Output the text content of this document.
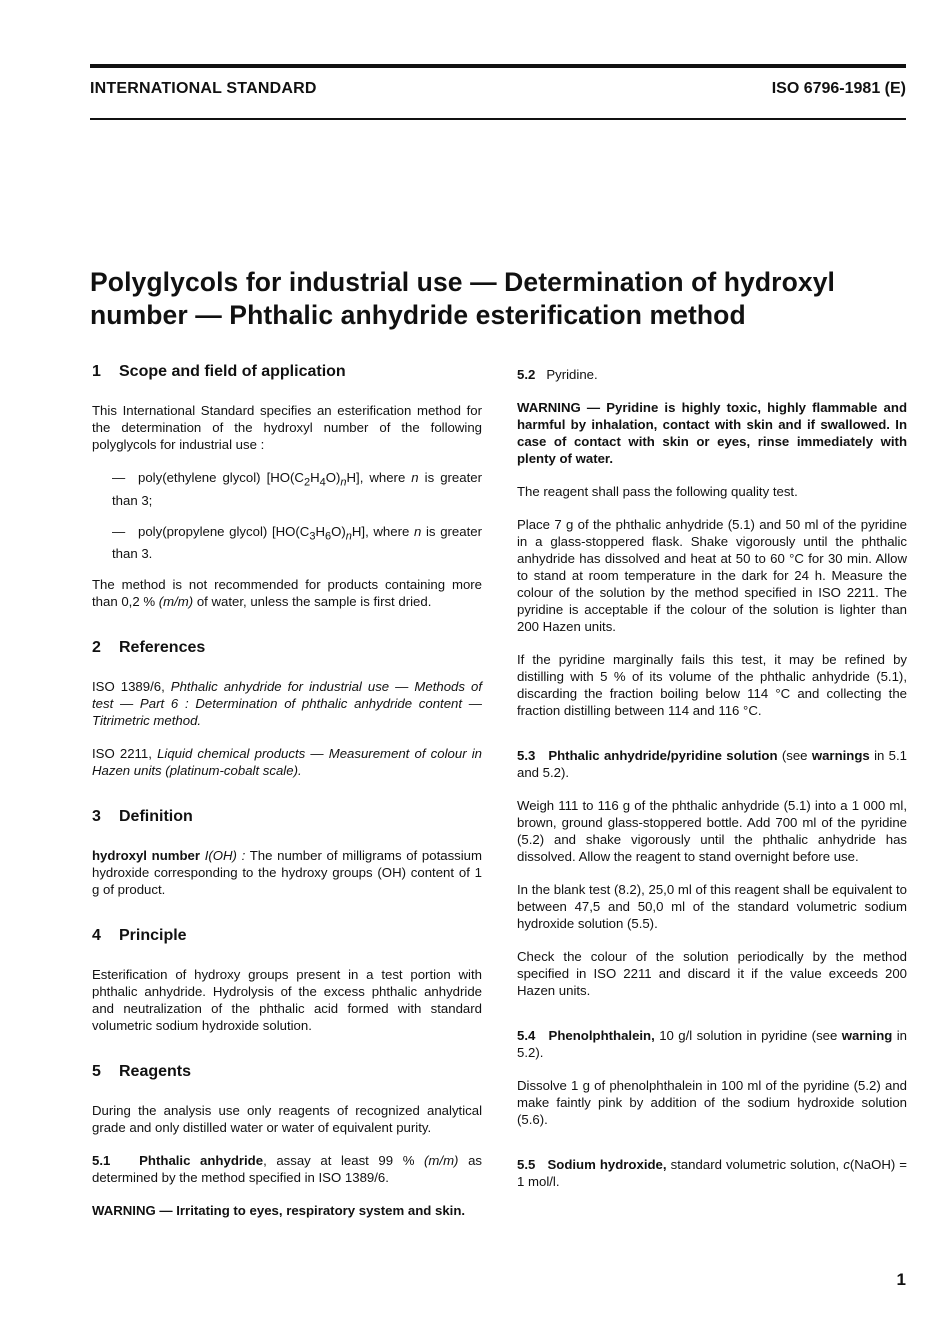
INTERNATIONAL STANDARD	ISO 6796-1981 (E)
Polyglycols for industrial use — Determination of hydroxyl
number — Phthalic anhydride esterification method
1 Scope and field of application

This International Standard specifies an esterification method for the determination of the hydroxyl number of the following polyglycols for industrial use :

— poly(ethylene glycol) $[HO(C_2H_4O)_nH]$, where n is greater than 3;

— poly(propylene glycol) $[HO(C_3H_6O)_nH]$, where n is greater than 3.

The method is not recommended for products containing more than 0,2 % (m/m) of water, unless the sample is first dried.

2 References

ISO 1389/6, Phthalic anhydride for industrial use — Methods of test — Part 6 : Determination of phthalic anhydride content — Titrimetric method.

ISO 2211, Liquid chemical products — Measurement of colour in Hazen units (platinum-cobalt scale).

3 Definition

hydroxyl number I(OH) : The number of milligrams of potassium hydroxide corresponding to the hydroxy groups (OH) content of 1 g of product.

4 Principle

Esterification of hydroxy groups present in a test portion with phthalic anhydride. Hydrolysis of the excess phthalic anhydride and neutralization of the phthalic acid formed with standard volumetric sodium hydroxide solution.

5 Reagents

During the analysis use only reagents of recognized analytical grade and only distilled water or water of equivalent purity.

5.1 Phthalic anhydride, assay at least 99 % (m/m) as determined by the method specified in ISO 1389/6.

WARNING — Irritating to eyes, respiratory system and skin.

5.2 Pyridine.

WARNING — Pyridine is highly toxic, highly flammable and harmful by inhalation, contact with skin and if swallowed. In case of contact with skin or eyes, rinse immediately with plenty of water.

The reagent shall pass the following quality test.

Place 7 g of the phthalic anhydride (5.1) and 50 ml of the pyridine in a glass-stoppered flask. Shake vigorously until the phthalic anhydride has dissolved and heat at 50 to 60 °C for 30 min. Allow to stand at room temperature in the dark for 24 h. Measure the colour of the solution by the method specified in ISO 2211. The pyridine is acceptable if the colour of the solution is lighter than 200 Hazen units.

If the pyridine marginally fails this test, it may be refined by distilling with 5 % of its volume of the phthalic anhydride (5.1), discarding the fraction boiling below 114 °C and collecting the fraction distilling between 114 and 116 °C.

5.3 Phthalic anhydride/pyridine solution (see warnings in 5.1 and 5.2).

Weigh 111 to 116 g of the phthalic anhydride (5.1) into a 1 000 ml, brown, ground glass-stoppered bottle. Add 700 ml of the pyridine (5.2) and shake vigorously until the phthalic anhydride has dissolved. Allow the reagent to stand overnight before use.

In the blank test (8.2), 25,0 ml of this reagent shall be equivalent to between 47,5 and 50,0 ml of the standard volumetric sodium hydroxide solution (5.5).

Check the colour of the solution periodically by the method specified in ISO 2211 and discard it if the value exceeds 200 Hazen units.

5.4 Phenolphthalein, 10 g/l solution in pyridine (see warning in 5.2).

Dissolve 1 g of phenolphthalein in 100 ml of the pyridine (5.2) and make faintly pink by addition of the sodium hydroxide solution (5.6).

5.5 Sodium hydroxide, standard volumetric solution, c(NaOH) = 1 mol/l.

1
